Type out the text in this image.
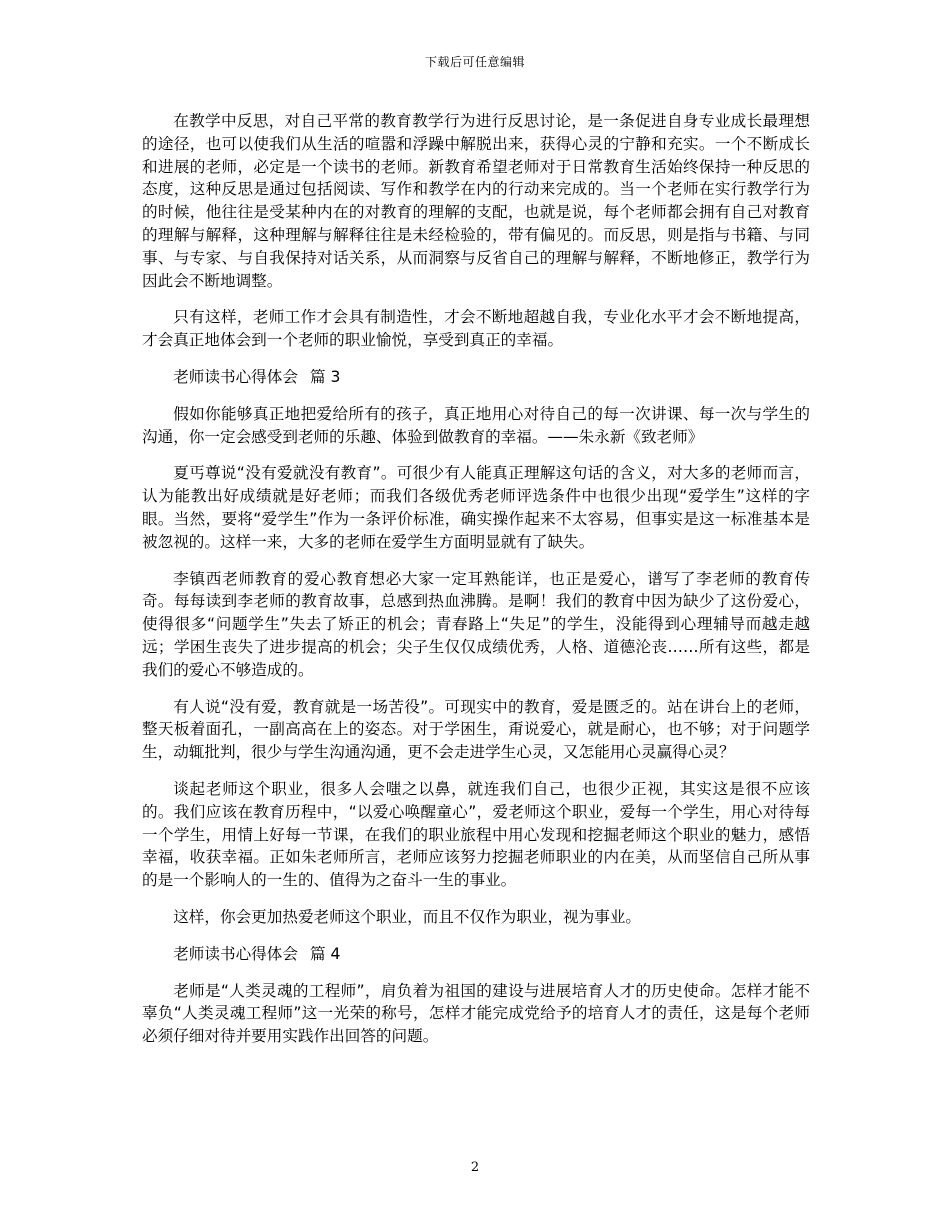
下载后可任意编辑

在教学中反思，对自己平常的教育教学行为进行反思讨论，是一条促进自身专业成长最理想的途径，也可以使我们从生活的喧嚣和浮躁中解脱出来，获得心灵的宁静和充实。一个不断成长和进展的老师，必定是一个读书的老师。新教育希望老师对于日常教育生活始终保持一种反思的态度，这种反思是通过包括阅读、写作和教学在内的行动来完成的。当一个老师在实行教学行为的时候，他往往是受某种内在的对教育的理解的支配，也就是说，每个老师都会拥有自己对教育的理解与解释，这种理解与解释往往是未经检验的，带有偏见的。而反思，则是指与书籍、与同事、与专家、与自我保持对话关系，从而洞察与反省自己的理解与解释，不断地修正，教学行为因此会不断地调整。

只有这样，老师工作才会具有制造性，才会不断地超越自我，专业化水平才会不断地提高，才会真正地体会到一个老师的职业愉悦，享受到真正的幸福。

老师读书心得体会 篇 3

假如你能够真正地把爱给所有的孩子，真正地用心对待自己的每一次讲课、每一次与学生的沟通，你一定会感受到老师的乐趣、体验到做教育的幸福。——朱永新《致老师》

夏丐尊说“没有爱就没有教育”。可很少有人能真正理解这句话的含义，对大多的老师而言，认为能教出好成绩就是好老师；而我们各级优秀老师评选条件中也很少出现“爱学生”这样的字眼。当然，要将“爱学生”作为一条评价标准，确实操作起来不太容易，但事实是这一标准基本是被忽视的。这样一来，大多的老师在爱学生方面明显就有了缺失。

李镇西老师教育的爱心教育想必大家一定耳熟能详，也正是爱心，谱写了李老师的教育传奇。每每读到李老师的教育故事，总感到热血沸腾。是啊！我们的教育中因为缺少了这份爱心，使得很多“问题学生”失去了矫正的机会；青春路上“失足”的学生，没能得到心理辅导而越走越远；学困生丧失了进步提高的机会；尖子生仅仅成绩优秀，人格、道德沦丧……所有这些，都是我们的爱心不够造成的。

有人说“没有爱，教育就是一场苦役”。可现实中的教育，爱是匮乏的。站在讲台上的老师，整天板着面孔，一副高高在上的姿态。对于学困生，甭说爱心，就是耐心，也不够；对于问题学生，动辄批判，很少与学生沟通沟通，更不会走进学生心灵，又怎能用心灵赢得心灵？

谈起老师这个职业，很多人会嗤之以鼻，就连我们自己，也很少正视，其实这是很不应该的。我们应该在教育历程中，“以爱心唤醒童心”，爱老师这个职业，爱每一个学生，用心对待每一个学生，用情上好每一节课，在我们的职业旅程中用心发现和挖掘老师这个职业的魅力，感悟幸福，收获幸福。正如朱老师所言，老师应该努力挖掘老师职业的内在美，从而坚信自己所从事的是一个影响人的一生的、值得为之奋斗一生的事业。

这样，你会更加热爱老师这个职业，而且不仅作为职业，视为事业。

老师读书心得体会 篇 4

老师是“人类灵魂的工程师”，肩负着为祖国的建设与进展培育人才的历史使命。怎样才能不辜负“人类灵魂工程师”这一光荣的称号，怎样才能完成党给予的培育人才的责任，这是每个老师必须仔细对待并要用实践作出回答的问题。

2
